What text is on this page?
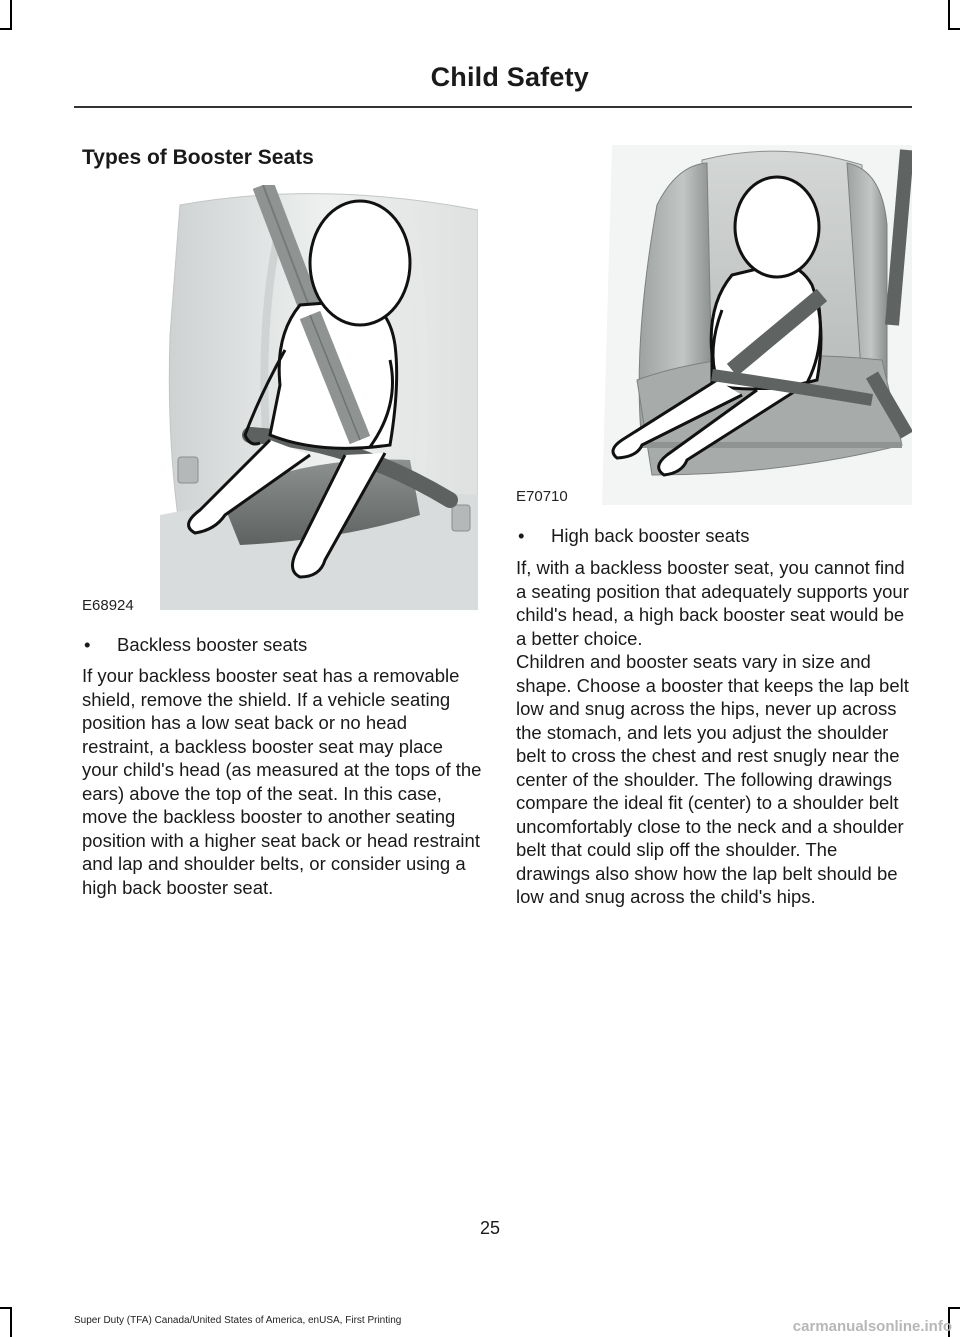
Child Safety
Types of Booster Seats
E68924
• Backless booster seats

If your backless booster seat has a removable shield, remove the shield. If a vehicle seating position has a low seat back or no head restraint, a backless booster seat may place your child's head (as measured at the tops of the ears) above the top of the seat. In this case, move the backless booster to another seating position with a higher seat back or head restraint and lap and shoulder belts, or consider using a high back booster seat.

E70710
• High back booster seats

If, with a backless booster seat, you cannot find a seating position that adequately supports your child's head, a high back booster seat would be a better choice.

Children and booster seats vary in size and shape. Choose a booster that keeps the lap belt low and snug across the hips, never up across the stomach, and lets you adjust the shoulder belt to cross the chest and rest snugly near the center of the shoulder. The following drawings compare the ideal fit (center) to a shoulder belt uncomfortably close to the neck and a shoulder belt that could slip off the shoulder. The drawings also show how the lap belt should be low and snug across the child's hips.

25
Super Duty (TFA) Canada/United States of America, enUSA, First Printing	carmanualsonline.info
